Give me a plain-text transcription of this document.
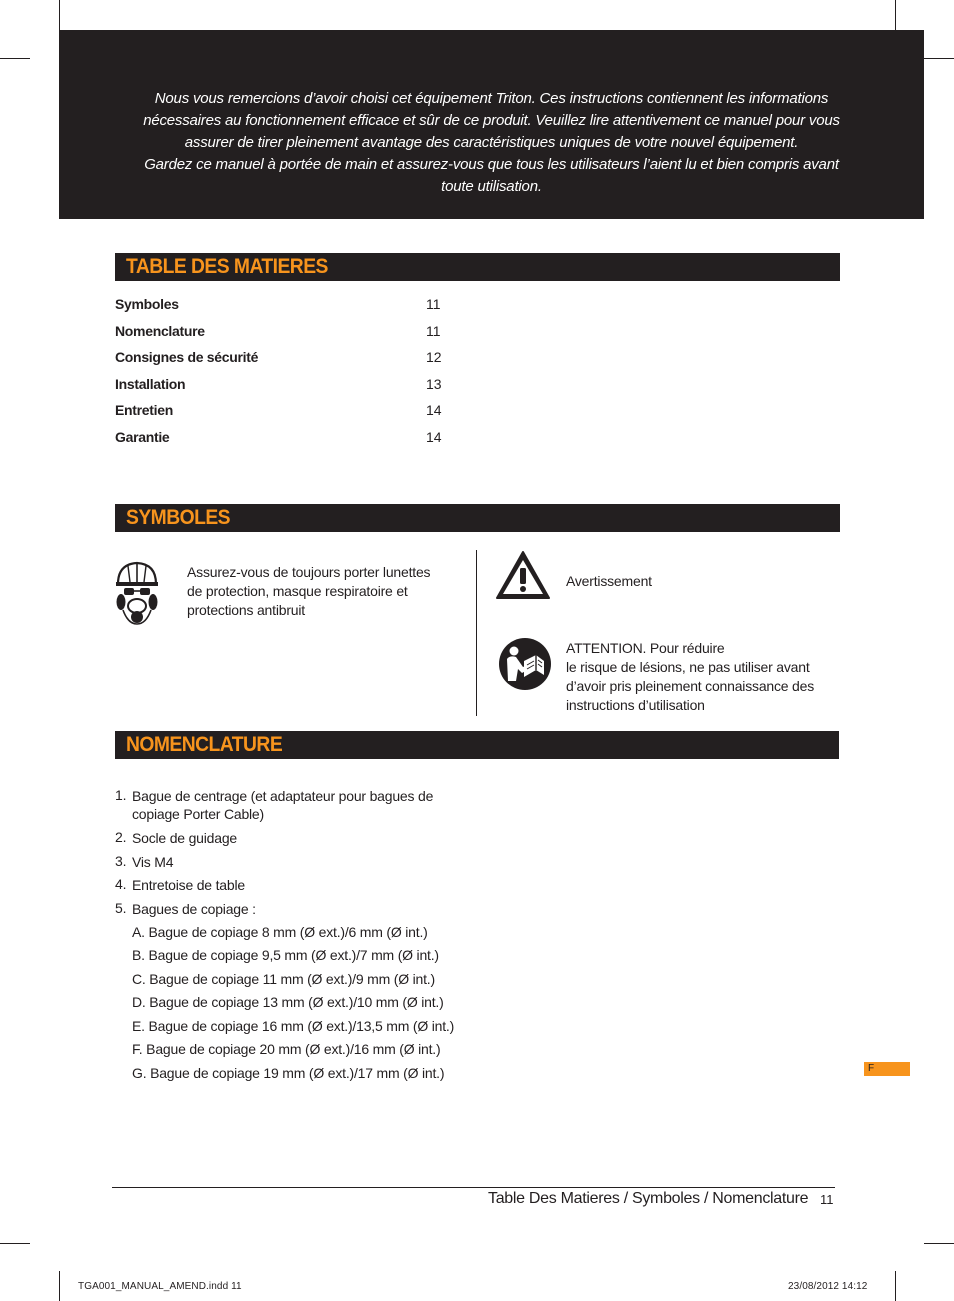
Nous vous remercions d’avoir choisi cet équipement Triton. Ces instructions contiennent les informations nécessaires au fonctionnement efficace et sûr de ce produit. Veuillez lire attentivement ce manuel pour vous assurer de tirer pleinement avantage des caractéristiques uniques de votre nouvel équipement.

Gardez ce manuel à portée de main et assurez-vous que tous les utilisateurs l’aient lu et bien compris avant toute utilisation.

TABLE DES MATIERES
Symboles	11
Nomenclature	11
Consignes de sécurité	12
Installation	13
Entretien	14
Garantie	14
SYMBOLES
Assurez-vous de toujours porter lunettes
de protection, masque respiratoire et
protections antibruit
Avertissement
ATTENTION. Pour réduire
le risque de lésions, ne pas utiliser avant
d’avoir pris pleinement connaissance des
instructions d’utilisation
NOMENCLATURE
1. Bague de centrage (et adaptateur pour bagues de
copiage Porter Cable)
2. Socle de guidage
3. Vis M4
4. Entretoise de table
5. Bagues de copiage :
A. Bague de copiage 8 mm (Ø ext.)/6 mm (Ø int.)
B. Bague de copiage 9,5 mm (Ø ext.)/7 mm (Ø int.)
C. Bague de copiage 11 mm (Ø ext.)/9 mm (Ø int.)
D. Bague de copiage 13 mm (Ø ext.)/10 mm (Ø int.)
E. Bague de copiage 16 mm (Ø ext.)/13,5 mm (Ø int.)
F. Bague de copiage 20 mm (Ø ext.)/16 mm (Ø int.)
G. Bague de copiage 19 mm (Ø ext.)/17 mm (Ø int.)	F
Table Des Matieres / Symboles / Nomenclature 11
TGA001_MANUAL_AMEND.indd 11	23/08/2012 14:12
